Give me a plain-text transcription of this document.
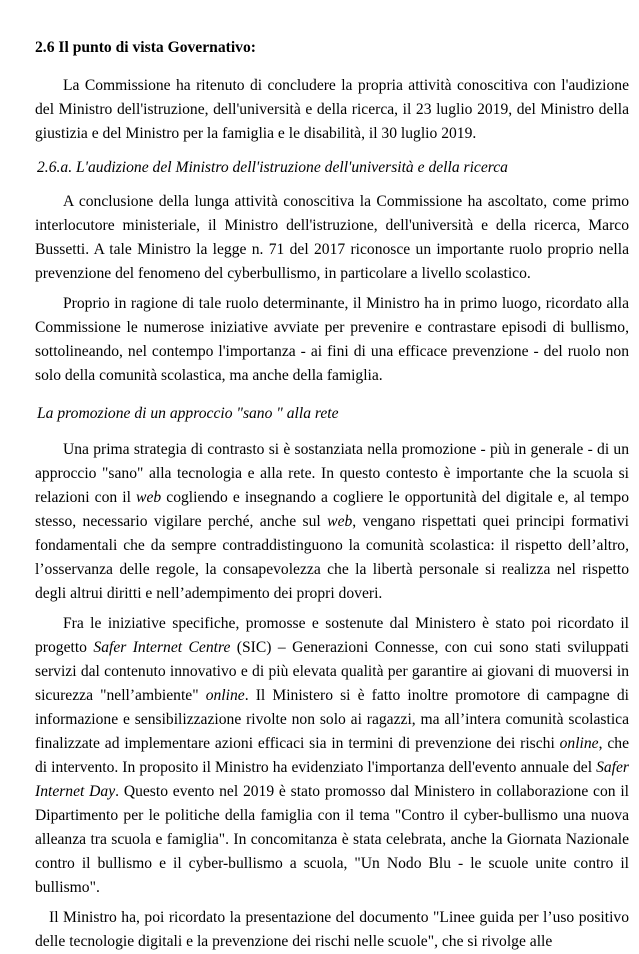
2.6 Il punto di vista Governativo:

La Commissione ha ritenuto di concludere la propria attività conoscitiva con l'audizione del Ministro dell'istruzione, dell'università e della ricerca, il 23 luglio 2019, del Ministro della giustizia e del Ministro per la famiglia e le disabilità, il 30 luglio 2019.

2.6.a. L'audizione del Ministro dell'istruzione dell'università e della ricerca

A conclusione della lunga attività conoscitiva la Commissione ha ascoltato, come primo interlocutore ministeriale, il Ministro dell'istruzione, dell'università e della ricerca, Marco Bussetti. A tale Ministro la legge n. 71 del 2017 riconosce un importante ruolo proprio nella prevenzione del fenomeno del cyberbullismo, in particolare a livello scolastico.

Proprio in ragione di tale ruolo determinante, il Ministro ha in primo luogo, ricordato alla Commissione le numerose iniziative avviate per prevenire e contrastare episodi di bullismo, sottolineando, nel contempo l'importanza - ai fini di una efficace prevenzione - del ruolo non solo della comunità scolastica, ma anche della famiglia.

La promozione di un approccio "sano " alla rete

Una prima strategia di contrasto si è sostanziata nella promozione - più in generale - di un approccio "sano" alla tecnologia e alla rete. In questo contesto è importante che la scuola si relazioni con il web cogliendo e insegnando a cogliere le opportunità del digitale e, al tempo stesso, necessario vigilare perché, anche sul web, vengano rispettati quei principi formativi fondamentali che da sempre contraddistinguono la comunità scolastica: il rispetto dell’altro, l’osservanza delle regole, la consapevolezza che la libertà personale si realizza nel rispetto degli altrui diritti e nell’adempimento dei propri doveri.

Fra le iniziative specifiche, promosse e sostenute dal Ministero è stato poi ricordato il progetto Safer Internet Centre (SIC) – Generazioni Connesse, con cui sono stati sviluppati servizi dal contenuto innovativo e di più elevata qualità per garantire ai giovani di muoversi in sicurezza "nell’ambiente" online. Il Ministero si è fatto inoltre promotore di campagne di informazione e sensibilizzazione rivolte non solo ai ragazzi, ma all’intera comunità scolastica finalizzate ad implementare azioni efficaci sia in termini di prevenzione dei rischi online, che di intervento. In proposito il Ministro ha evidenziato l'importanza dell'evento annuale del Safer Internet Day. Questo evento nel 2019 è stato promosso dal Ministero in collaborazione con il Dipartimento per le politiche della famiglia con il tema "Contro il cyber-bullismo una nuova alleanza tra scuola e famiglia". In concomitanza è stata celebrata, anche la Giornata Nazionale contro il bullismo e il cyber-bullismo a scuola, "Un Nodo Blu - le scuole unite contro il bullismo".

Il Ministro ha, poi ricordato la presentazione del documento "Linee guida per l’uso positivo delle tecnologie digitali e la prevenzione dei rischi nelle scuole", che si rivolge alle
